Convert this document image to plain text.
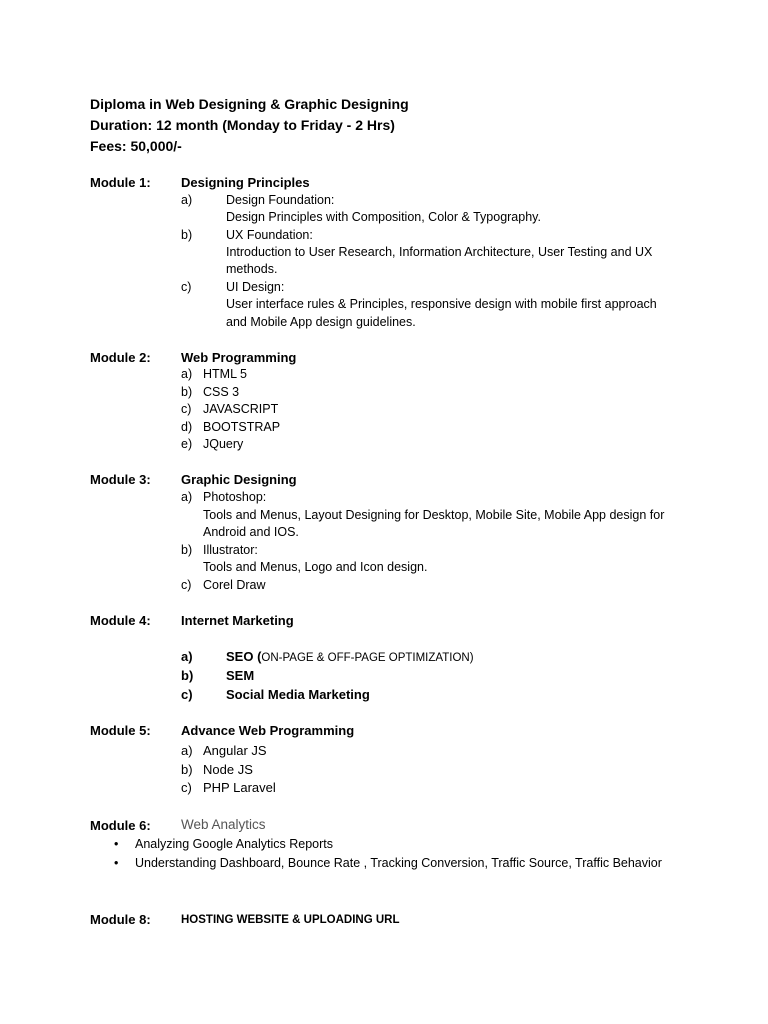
Diploma in Web Designing & Graphic Designing
Duration: 12 month (Monday to Friday - 2 Hrs)
Fees: 50,000/-
Module 1: Designing Principles
a)	Design Foundation:
Design Principles with Composition, Color & Typography.
b)	UX Foundation:
Introduction to User Research, Information Architecture, User Testing and UX
methods.
c)	UI Design:
User interface rules & Principles, responsive design with mobile first approach
and Mobile App design guidelines.
Module 2: Web Programming
a) HTML 5
b) CSS 3
c) JAVASCRIPT
d) BOOTSTRAP
e) JQuery
Module 3: Graphic Designing
a) Photoshop:
Tools and Menus, Layout Designing for Desktop, Mobile Site, Mobile App design for
Android and IOS.
b) Illustrator:
Tools and Menus, Logo and Icon design.
c) Corel Draw
Module 4: Internet Marketing
a)	SEO (ON-PAGE & OFF-PAGE OPTIMIZATION)
b)	SEM
c)	Social Media Marketing
Module 5: Advance Web Programming
a) Angular JS
b) Node JS
c) PHP Laravel
Module 6: Web Analytics
• Analyzing Google Analytics Reports
• Understanding Dashboard, Bounce Rate , Tracking Conversion, Traffic Source, Traffic Behavior
Module 8:	HOSTING WEBSITE & UPLOADING URL
